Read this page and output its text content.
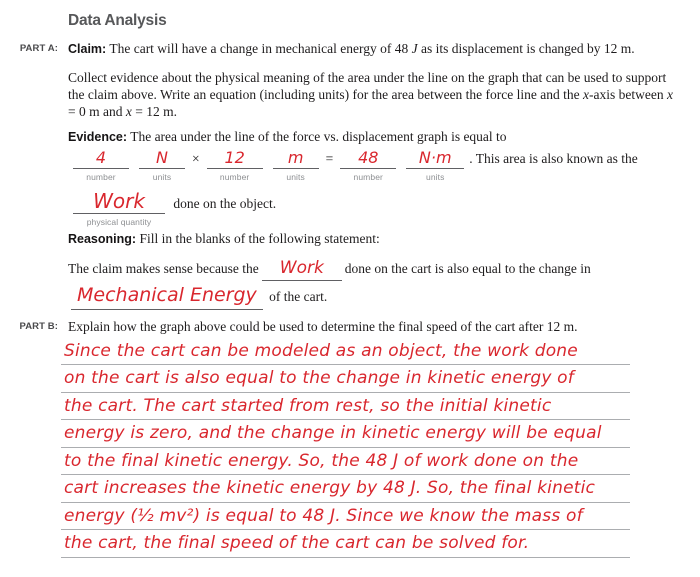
Data Analysis
PART A: Claim: The cart will have a change in mechanical energy of 48 J as its displacement is changed by 12 m.

Collect evidence about the physical meaning of the area under the line on the graph that can be used to support the claim above. Write an equation (including units) for the area between the force line and the x-axis between x = 0 m and x = 12 m.

Evidence: The area under the line of the force vs. displacement graph is equal to

4
number
N
units
× 12
number
m
units
= 48
number
N·m
units
. This area is also known as the

Work
physical quantity
done on the object.

Reasoning: Fill in the blanks of the following statement:

The claim makes sense because the Work done on the cart is also equal to the change in

Mechanical Energy of the cart.

PART B: Explain how the graph above could be used to determine the final speed of the cart after 12 m.

Since the cart can be modeled as an object, the work done
on the cart is also equal to the change in kinetic energy of
the cart. The cart started from rest, so the initial kinetic
energy is zero, and the change in kinetic energy will be equal
to the final kinetic energy. So, the 48 J of work done on the
cart increases the kinetic energy by 48 J. So, the final kinetic
energy (½ mv²) is equal to 48 J. Since we know the mass of
the cart, the final speed of the cart can be solved for.
